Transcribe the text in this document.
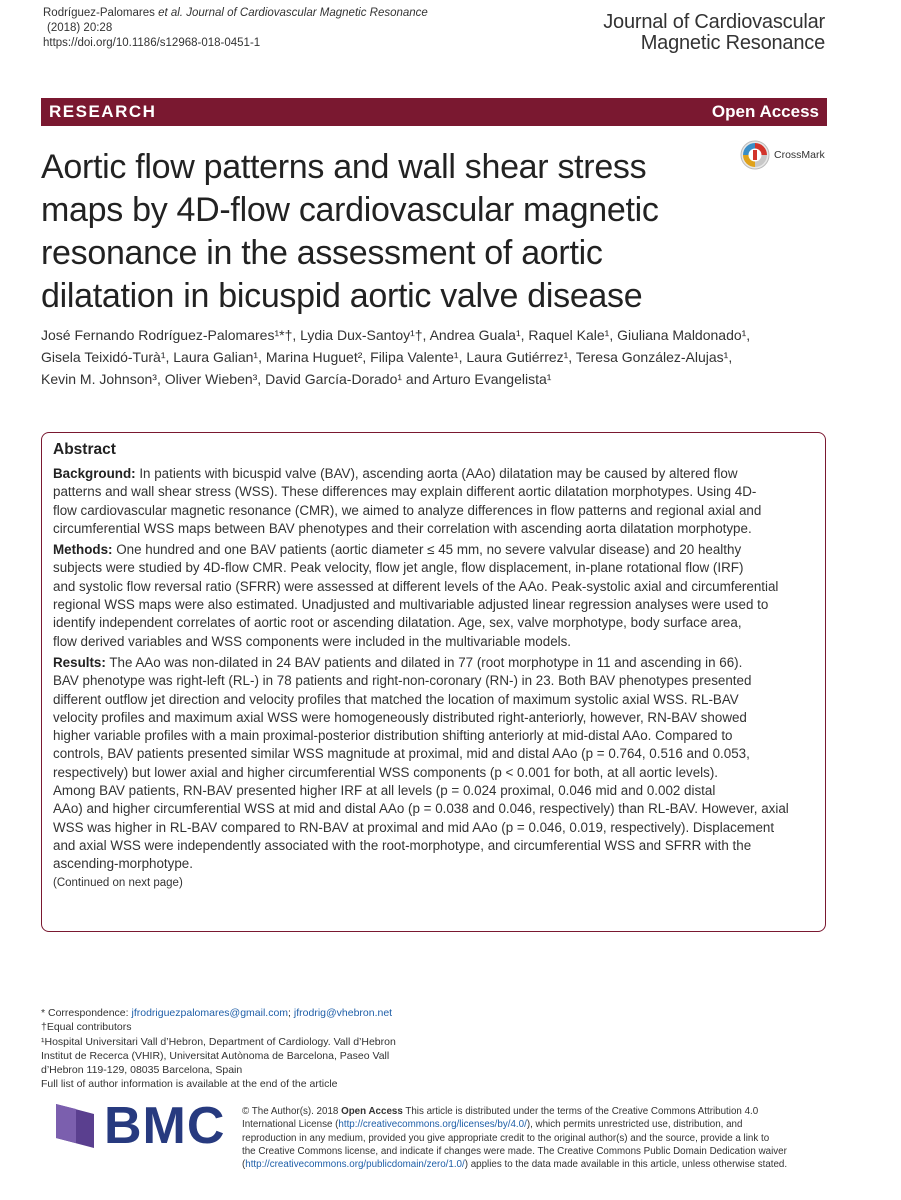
Rodríguez-Palomares et al. Journal of Cardiovascular Magnetic Resonance
(2018) 20:28
https://doi.org/10.1186/s12968-018-0451-1
Journal of Cardiovascular
Magnetic Resonance
RESEARCH	Open Access
Aortic flow patterns and wall shear stress
maps by 4D-flow cardiovascular magnetic
resonance in the assessment of aortic
dilatation in bicuspid aortic valve disease
CrossMark
José Fernando Rodríguez-Palomares¹*†, Lydia Dux-Santoy¹†, Andrea Guala¹, Raquel Kale¹, Giuliana Maldonado¹,
Gisela Teixidó-Turà¹, Laura Galian¹, Marina Huguet², Filipa Valente¹, Laura Gutiérrez¹, Teresa González-Alujas¹,
Kevin M. Johnson³, Oliver Wieben³, David García-Dorado¹ and Arturo Evangelista¹
Abstract
Background: In patients with bicuspid valve (BAV), ascending aorta (AAo) dilatation may be caused by altered flow
patterns and wall shear stress (WSS). These differences may explain different aortic dilatation morphotypes. Using 4D-
flow cardiovascular magnetic resonance (CMR), we aimed to analyze differences in flow patterns and regional axial and
circumferential WSS maps between BAV phenotypes and their correlation with ascending aorta dilatation morphotype.
Methods: One hundred and one BAV patients (aortic diameter ≤ 45 mm, no severe valvular disease) and 20 healthy
subjects were studied by 4D-flow CMR. Peak velocity, flow jet angle, flow displacement, in-plane rotational flow (IRF)
and systolic flow reversal ratio (SFRR) were assessed at different levels of the AAo. Peak-systolic axial and circumferential
regional WSS maps were also estimated. Unadjusted and multivariable adjusted linear regression analyses were used to
identify independent correlates of aortic root or ascending dilatation. Age, sex, valve morphotype, body surface area,
flow derived variables and WSS components were included in the multivariable models.
Results: The AAo was non-dilated in 24 BAV patients and dilated in 77 (root morphotype in 11 and ascending in 66).
BAV phenotype was right-left (RL-) in 78 patients and right-non-coronary (RN-) in 23. Both BAV phenotypes presented
different outflow jet direction and velocity profiles that matched the location of maximum systolic axial WSS. RL-BAV
velocity profiles and maximum axial WSS were homogeneously distributed right-anteriorly, however, RN-BAV showed
higher variable profiles with a main proximal-posterior distribution shifting anteriorly at mid-distal AAo. Compared to
controls, BAV patients presented similar WSS magnitude at proximal, mid and distal AAo (p = 0.764, 0.516 and 0.053,
respectively) but lower axial and higher circumferential WSS components (p < 0.001 for both, at all aortic levels).
Among BAV patients, RN-BAV presented higher IRF at all levels (p = 0.024 proximal, 0.046 mid and 0.002 distal
AAo) and higher circumferential WSS at mid and distal AAo (p = 0.038 and 0.046, respectively) than RL-BAV. However, axial
WSS was higher in RL-BAV compared to RN-BAV at proximal and mid AAo (p = 0.046, 0.019, respectively). Displacement
and axial WSS were independently associated with the root-morphotype, and circumferential WSS and SFRR with the
ascending-morphotype.
(Continued on next page)
* Correspondence: jfrodriguezpalomares@gmail.com; jfrodrig@vhebron.net
†Equal contributors
¹Hospital Universitari Vall d’Hebron, Department of Cardiology. Vall d’Hebron
Institut de Recerca (VHIR), Universitat Autònoma de Barcelona, Paseo Vall
d’Hebron 119-129, 08035 Barcelona, Spain
Full list of author information is available at the end of the article
BMC © The Author(s). 2018 Open Access This article is distributed under the terms of the Creative Commons Attribution 4.0
International License (http://creativecommons.org/licenses/by/4.0/), which permits unrestricted use, distribution, and
reproduction in any medium, provided you give appropriate credit to the original author(s) and the source, provide a link to
the Creative Commons license, and indicate if changes were made. The Creative Commons Public Domain Dedication waiver
(http://creativecommons.org/publicdomain/zero/1.0/) applies to the data made available in this article, unless otherwise stated.
